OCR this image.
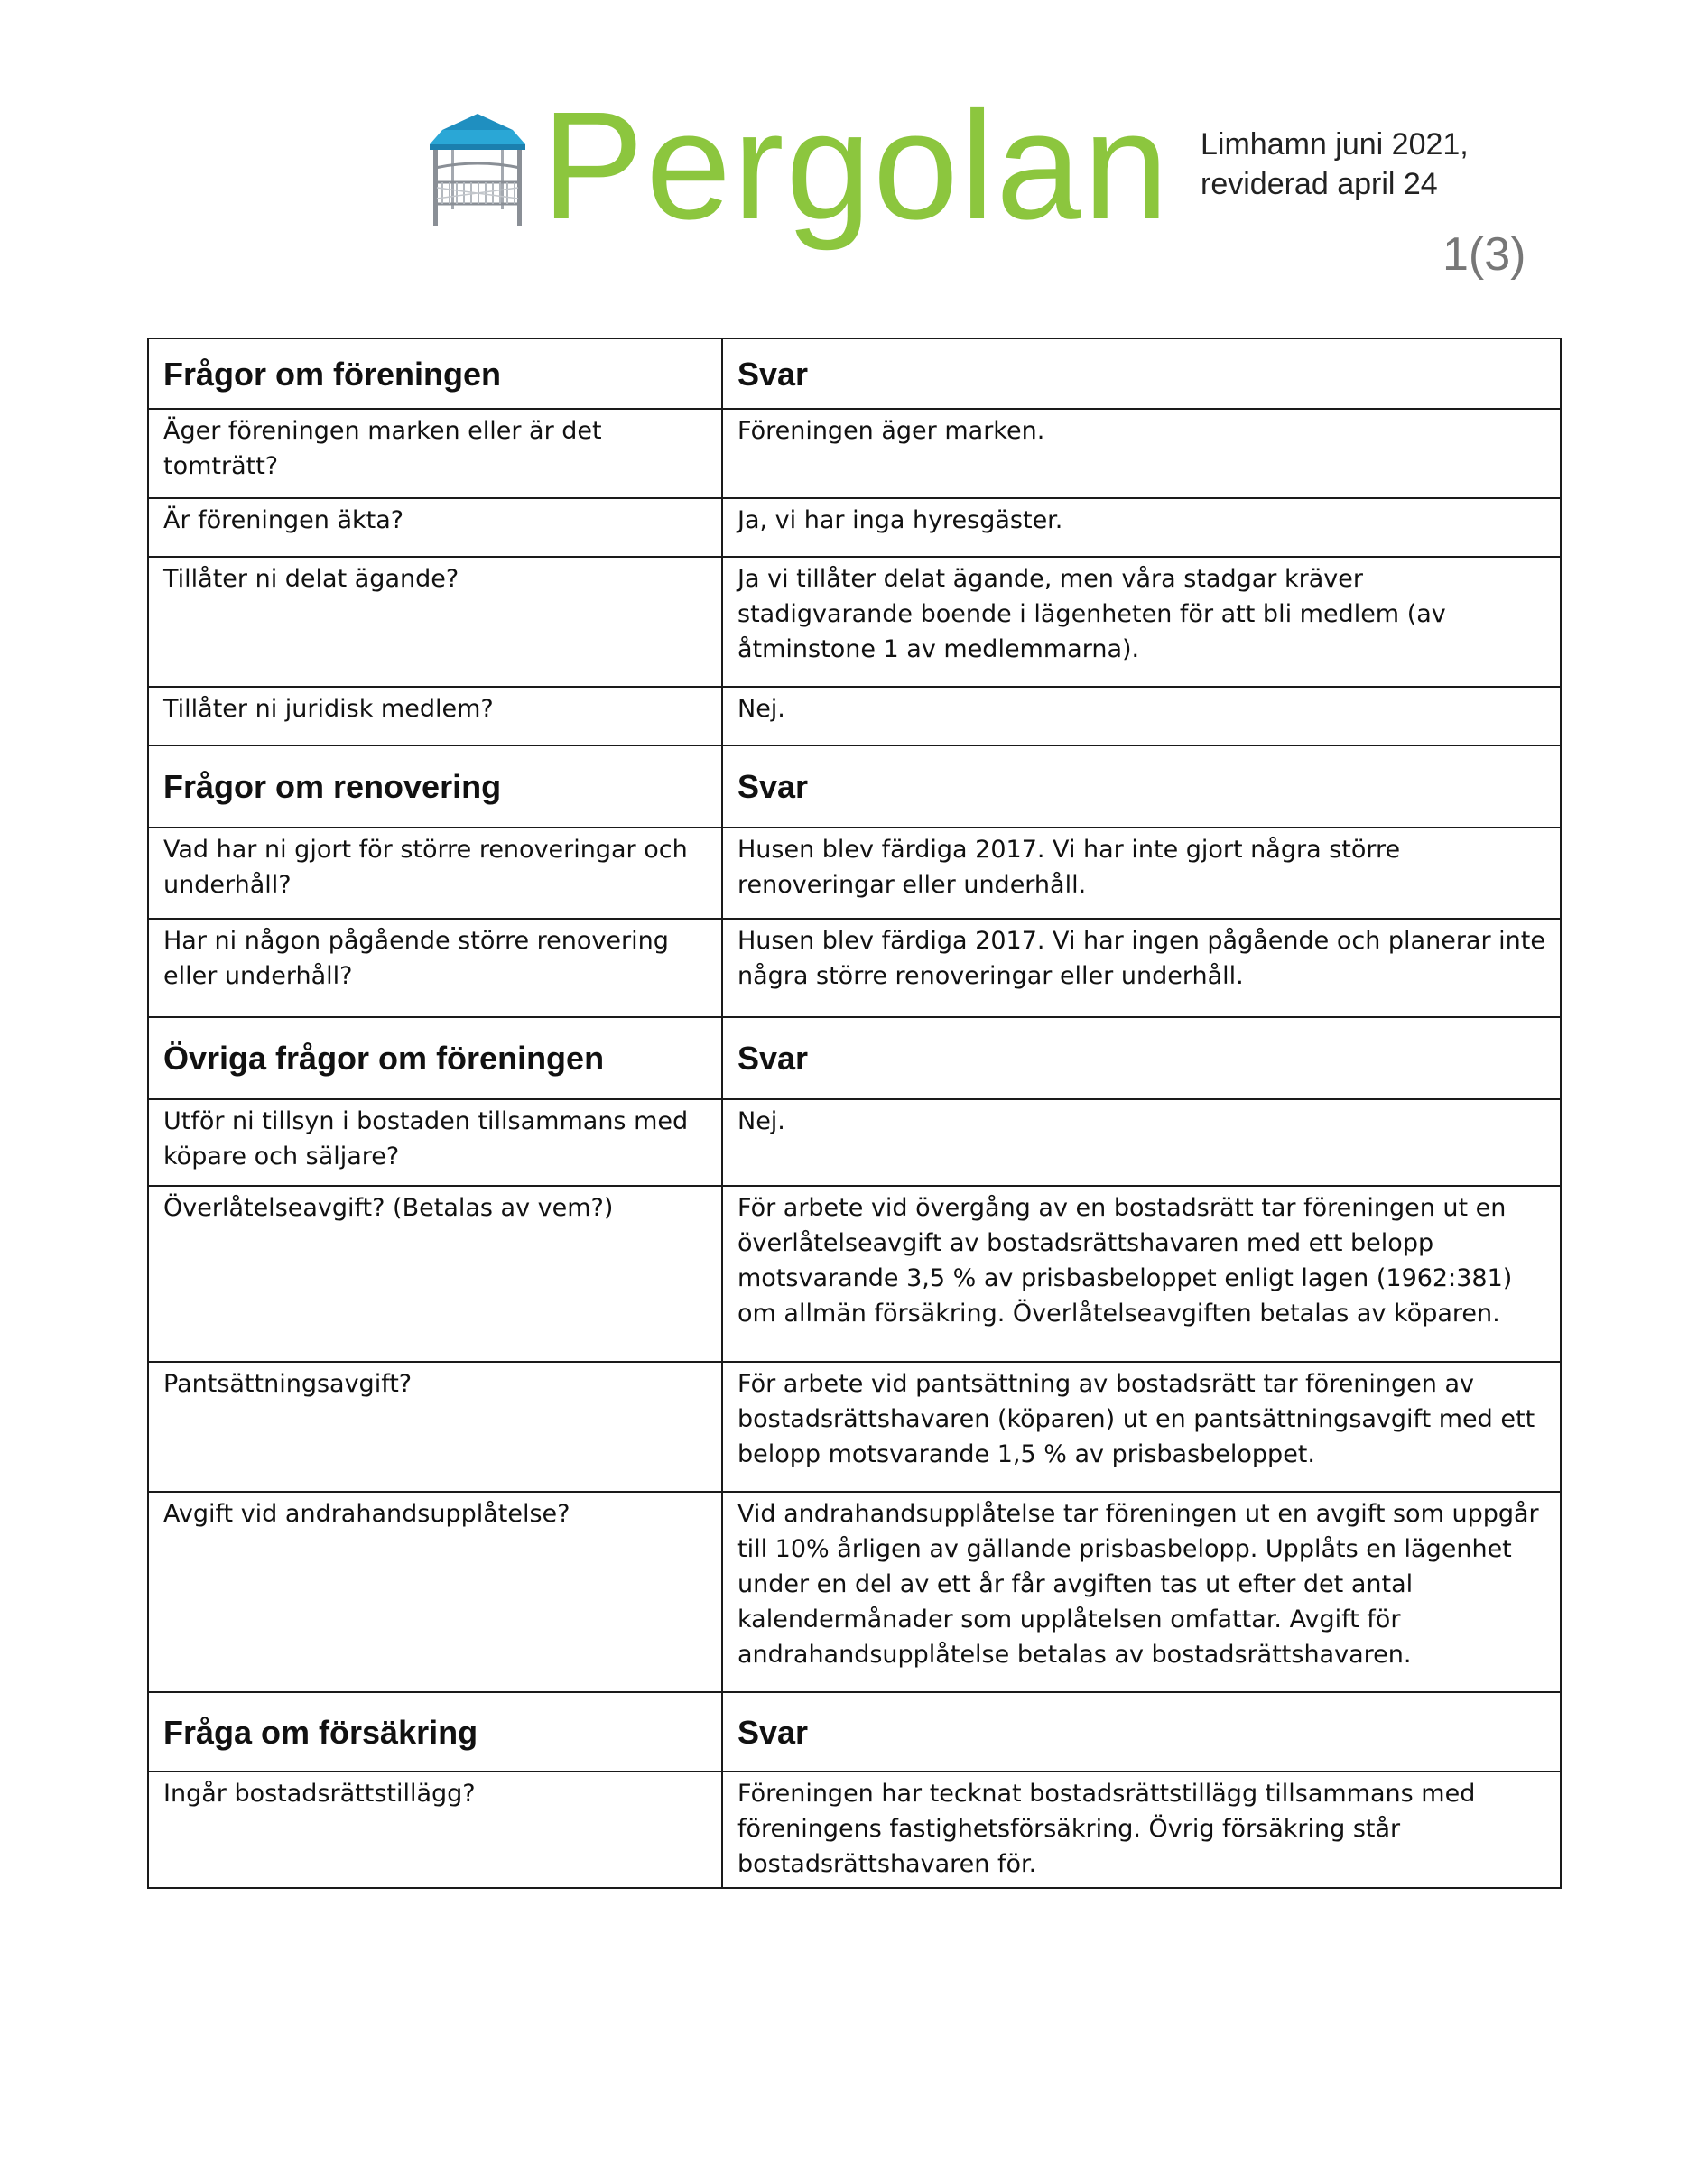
Pergolan Limhamn juni 2021,
reviderad april 24
1(3)
Frågor om föreningen	Svar
Äger föreningen marken eller är det tomträtt?	Föreningen äger marken.
Är föreningen äkta?	Ja, vi har inga hyresgäster.
Tillåter ni delat ägande?	Ja vi tillåter delat ägande, men våra stadgar kräver stadigvarande boende i lägenheten för att bli medlem (av åtminstone 1 av medlemmarna).
Tillåter ni juridisk medlem?	Nej.
Frågor om renovering	Svar
Vad har ni gjort för större renoveringar och underhåll?	Husen blev färdiga 2017. Vi har inte gjort några större renoveringar eller underhåll.
Har ni någon pågående större renovering eller underhåll?	Husen blev färdiga 2017. Vi har ingen pågående och planerar inte några större renoveringar eller underhåll.
Övriga frågor om föreningen	Svar
Utför ni tillsyn i bostaden tillsammans med köpare och säljare?	Nej.
Överlåtelseavgift? (Betalas av vem?)	För arbete vid övergång av en bostadsrätt tar föreningen ut en överlåtelseavgift av bostadsrättshavaren med ett belopp motsvarande 3,5 % av prisbasbeloppet enligt lagen (1962:381) om allmän försäkring. Överlåtelseavgiften betalas av köparen.
Pantsättningsavgift?	För arbete vid pantsättning av bostadsrätt tar föreningen av bostadsrättshavaren (köparen) ut en pantsättningsavgift med ett belopp motsvarande 1,5 % av prisbasbeloppet.
Avgift vid andrahandsupplåtelse?	Vid andrahandsupplåtelse tar föreningen ut en avgift som uppgår till 10% årligen av gällande prisbasbelopp. Upplåts en lägenhet under en del av ett år får avgiften tas ut efter det antal kalendermånader som upplåtelsen omfattar. Avgift för andrahandsupplåtelse betalas av bostadsrättshavaren.
Fråga om försäkring	Svar
Ingår bostadsrättstillägg?	Föreningen har tecknat bostadsrättstillägg tillsammans med föreningens fastighetsförsäkring. Övrig försäkring står bostadsrättshavaren för.
